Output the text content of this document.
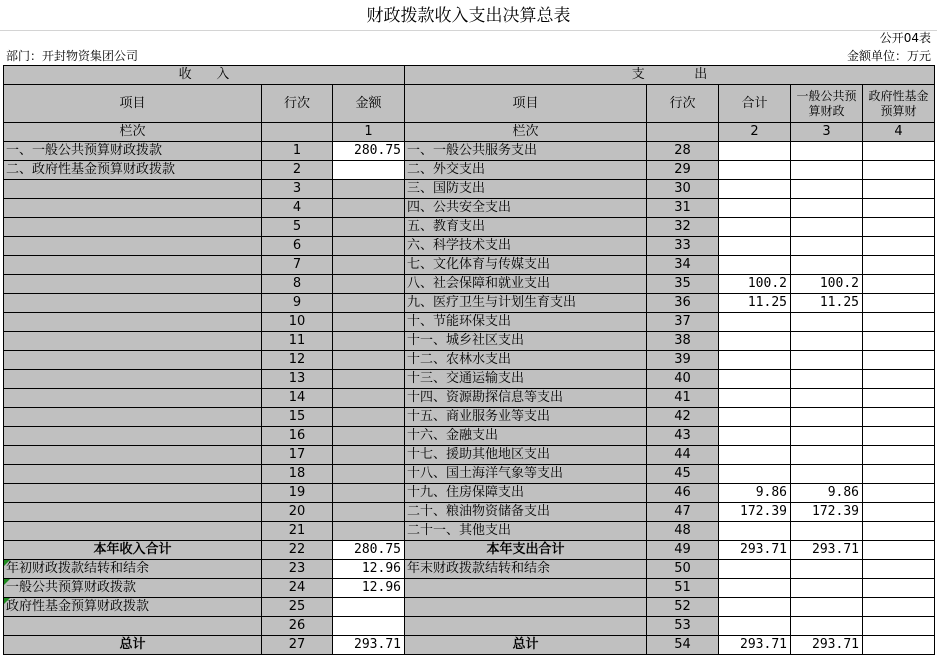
财政拨款收入支出决算总表
公开04表
部门：开封物资集团公司	金额单位：万元
收      入			支            出				
项目	行次	金额	项目	行次	合计	一般公共预算财政	政府性基金预算财
栏次		1	栏次		2	3	4
一、一般公共预算财政拨款	1	280.75	一、一般公共服务支出	28			
二、政府性基金预算财政拨款	2		二、外交支出	29			
	3		三、国防支出	30			
	4		四、公共安全支出	31			
	5		五、教育支出	32			
	6		六、科学技术支出	33			
	7		七、文化体育与传媒支出	34			
	8		八、社会保障和就业支出	35	100.2	100.2	
	9		九、医疗卫生与计划生育支出	36	11.25	11.25	
	10		十、节能环保支出	37			
	11		十一、城乡社区支出	38			
	12		十二、农林水支出	39			
	13		十三、交通运输支出	40			
	14		十四、资源勘探信息等支出	41			
	15		十五、商业服务业等支出	42			
	16		十六、金融支出	43			
	17		十七、援助其他地区支出	44			
	18		十八、国土海洋气象等支出	45			
	19		十九、住房保障支出	46	9.86	9.86	
	20		二十、粮油物资储备支出	47	172.39	172.39	
	21		二十一、其他支出	48			
本年收入合计	22	280.75	本年支出合计	49	293.71	293.71	
年初财政拨款结转和结余	23	12.96	年末财政拨款结转和结余	50			
一般公共预算财政拨款	24	12.96		51			
政府性基金预算财政拨款	25			52			
	26			53			
总计	27	293.71	总计	54	293.71	293.71	
